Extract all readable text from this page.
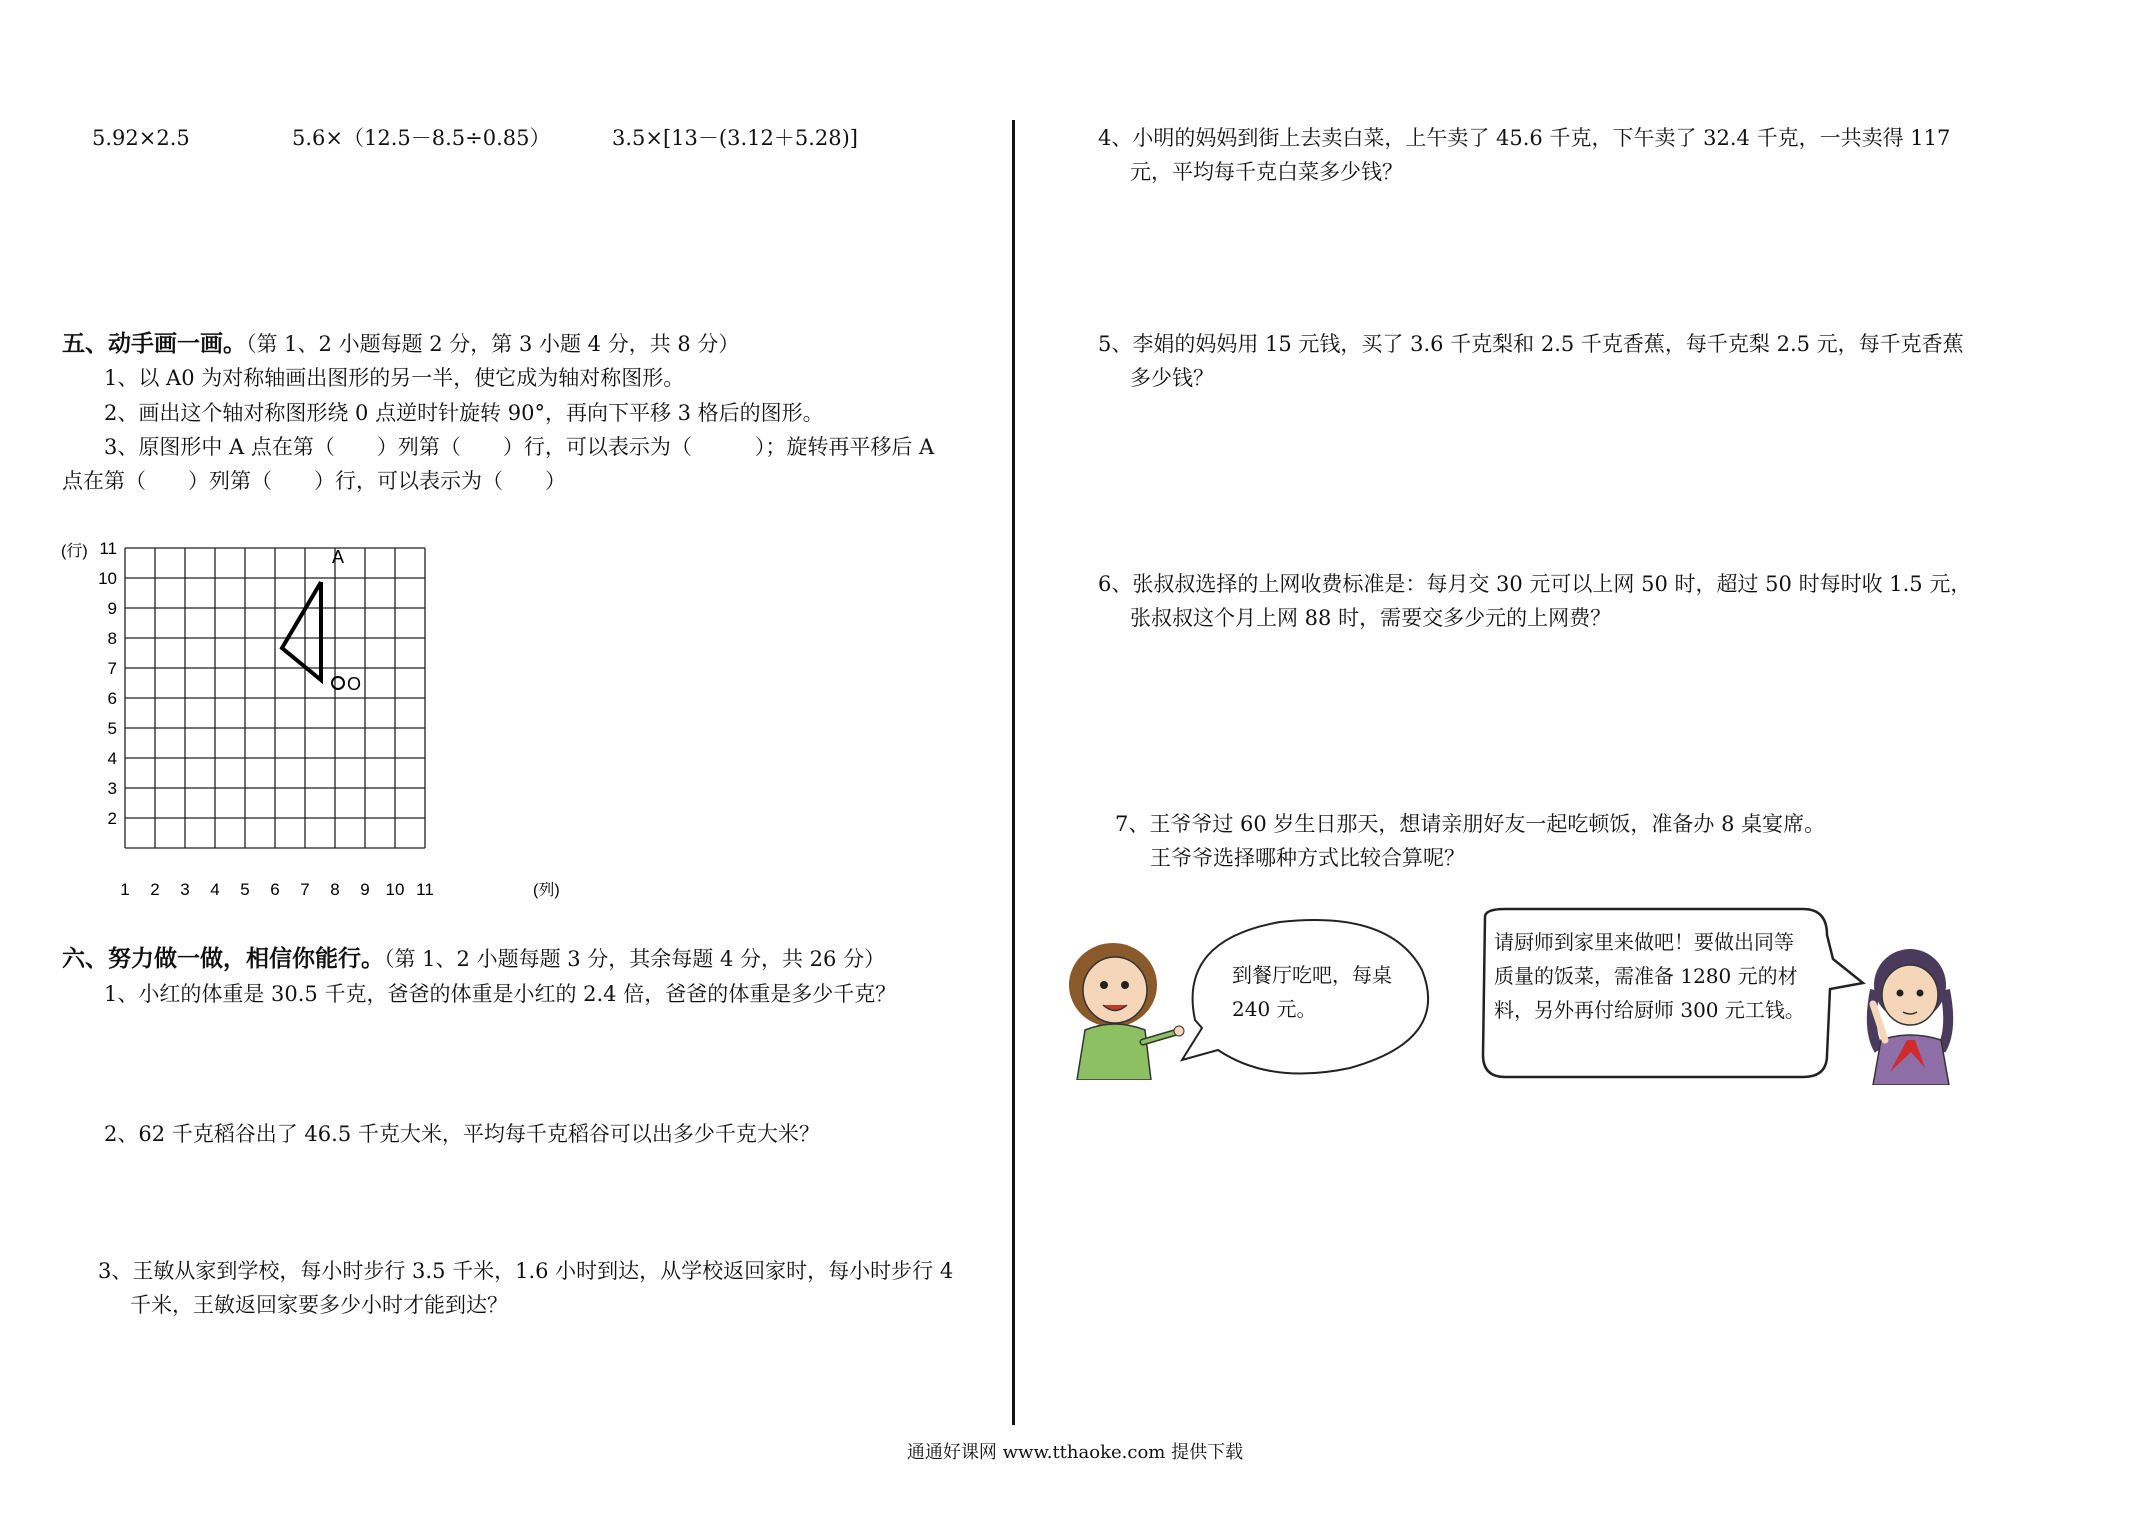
5.92×2.5	5.6×（12.5－8.5÷0.85）	3.5×[13－(3.12＋5.28)]
五、动手画一画。（第 1、2 小题每题 2 分，第 3 小题 4 分，共 8 分）
1、以 A0 为对称轴画出图形的另一半，使它成为轴对称图形。
2、画出这个轴对称图形绕 0 点逆时针旋转 90°，再向下平移 3 格后的图形。
3、原图形中 A 点在第（　　）列第（　　）行，可以表示为（　　　）；旋转再平移后 A
点在第（　　）列第（　　）行，可以表示为（　　）
A
O
(行)
(列)
11
10
9
8
7
6
5
4
3
2
1 2 3 4 5 6 7 8 9 10 11
六、努力做一做，相信你能行。（第 1、2 小题每题 3 分，其余每题 4 分，共 26 分）
1、小红的体重是 30.5 千克，爸爸的体重是小红的 2.4 倍，爸爸的体重是多少千克？
2、62 千克稻谷出了 46.5 千克大米，平均每千克稻谷可以出多少千克大米？
3、王敏从家到学校，每小时步行 3.5 千米，1.6 小时到达，从学校返回家时，每小时步行 4
千米，王敏返回家要多少小时才能到达？
4、小明的妈妈到街上去卖白菜，上午卖了 45.6 千克，下午卖了 32.4 千克，一共卖得 117
元，平均每千克白菜多少钱？
5、李娟的妈妈用 15 元钱，买了 3.6 千克梨和 2.5 千克香蕉，每千克梨 2.5 元，每千克香蕉
多少钱？
6、张叔叔选择的上网收费标准是：每月交 30 元可以上网 50 时，超过 50 时每时收 1.5 元，
张叔叔这个月上网 88 时，需要交多少元的上网费？
7、王爷爷过 60 岁生日那天，想请亲朋好友一起吃顿饭，准备办 8 桌宴席。
王爷爷选择哪种方式比较合算呢？
到餐厅吃吧，每桌 240 元。
请厨师到家里来做吧！要做出同等质量的饭菜，需准备 1280 元的材料，另外再付给厨师 300 元工钱。
通通好课网 www.tthaoke.com 提供下载
